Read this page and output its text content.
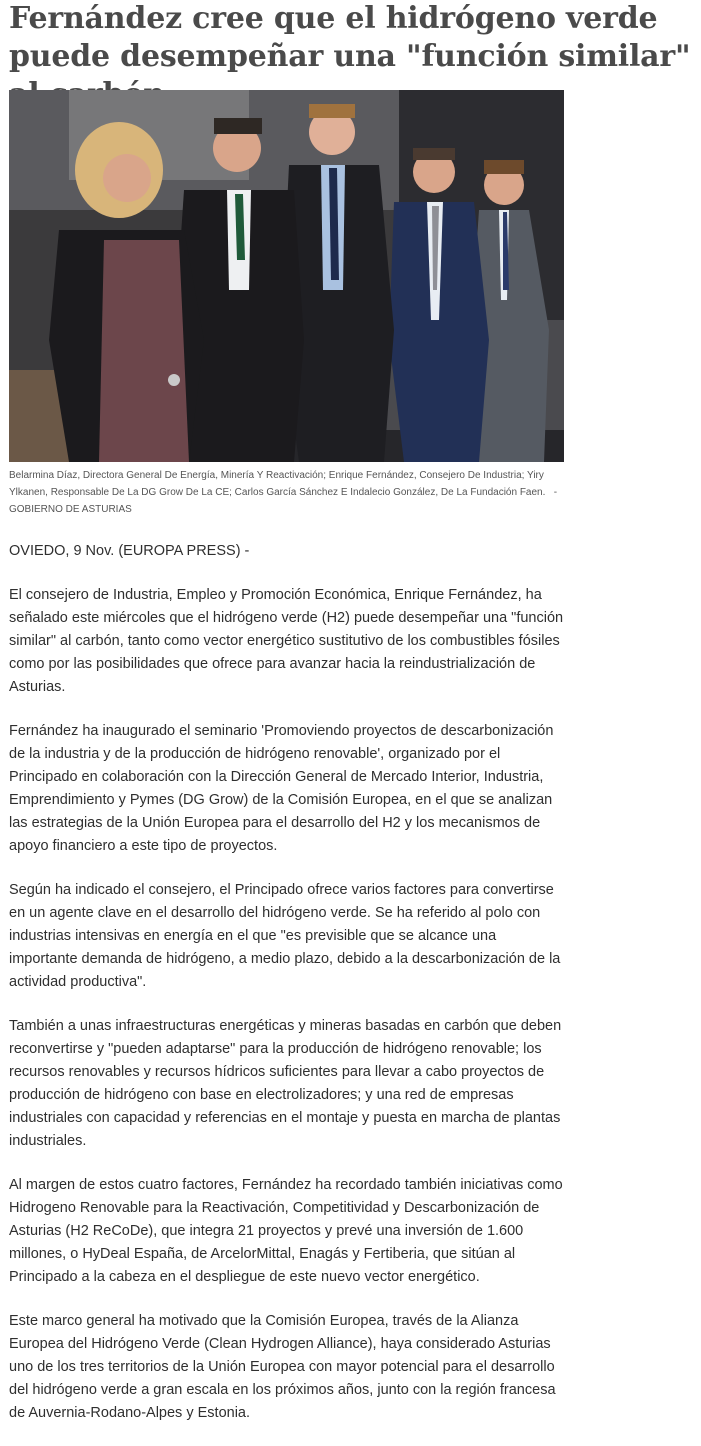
Fernández cree que el hidrógeno verde puede desempeñar una "función similar"

Belarmina Díaz, Directora General De Energía, Minería Y Reactivación; Enrique Fernández, Consejero De Industria; Yiry Ylkanen, Responsable De La DG Grow De La CE; Carlos García Sánchez E Indalecio González, De La Fundación Faen. - GOBIERNO DE ASTURIAS

OVIEDO, 9 Nov. (EUROPA PRESS) -

El consejero de Industria, Empleo y Promoción Económica, Enrique Fernández, ha señalado este miércoles que el hidrógeno verde (H2) puede desempeñar una "función similar" al carbón, tanto como vector energético sustitutivo de los combustibles fósiles como por las posibilidades que ofrece para avanzar hacia la reindustrialización de Asturias.

Fernández ha inaugurado el seminario 'Promoviendo proyectos de descarbonización de la industria y de la producción de hidrógeno renovable', organizado por el Principado en colaboración con la Dirección General de Mercado Interior, Industria, Emprendimiento y Pymes (DG Grow) de la Comisión Europea, en el que se analizan las estrategias de la Unión Europea para el desarrollo del H2 y los mecanismos de apoyo financiero a este tipo de proyectos.

Según ha indicado el consejero, el Principado ofrece varios factores para convertirse en un agente clave en el desarrollo del hidrógeno verde. Se ha referido al polo con industrias intensivas en energía en el que "es previsible que se alcance una importante demanda de hidrógeno, a medio plazo, debido a la descarbonización de la actividad productiva".

También a unas infraestructuras energéticas y mineras basadas en carbón que deben reconvertirse y "pueden adaptarse" para la producción de hidrógeno renovable; los recursos renovables y recursos hídricos suficientes para llevar a cabo proyectos de producción de hidrógeno con base en electrolizadores; y una red de empresas industriales con capacidad y referencias en el montaje y puesta en marcha de plantas industriales.

Al margen de estos cuatro factores, Fernández ha recordado también iniciativas como Hidrogeno Renovable para la Reactivación, Competitividad y Descarbonización de Asturias (H2 ReCoDe), que integra 21 proyectos y prevé una inversión de 1.600 millones, o HyDeal España, de ArcelorMittal, Enagás y Fertiberia, que sitúan al Principado a la cabeza en el despliegue de este nuevo vector energético.

Este marco general ha motivado que la Comisión Europea, través de la Alianza Europea del Hidrógeno Verde (Clean Hydrogen Alliance), haya considerado Asturias uno de los tres territorios de la Unión Europea con mayor potencial para el desarrollo del hidrógeno verde a gran escala en los próximos años, junto con la región francesa de Auvernia-Rodano-Alpes y Estonia.
